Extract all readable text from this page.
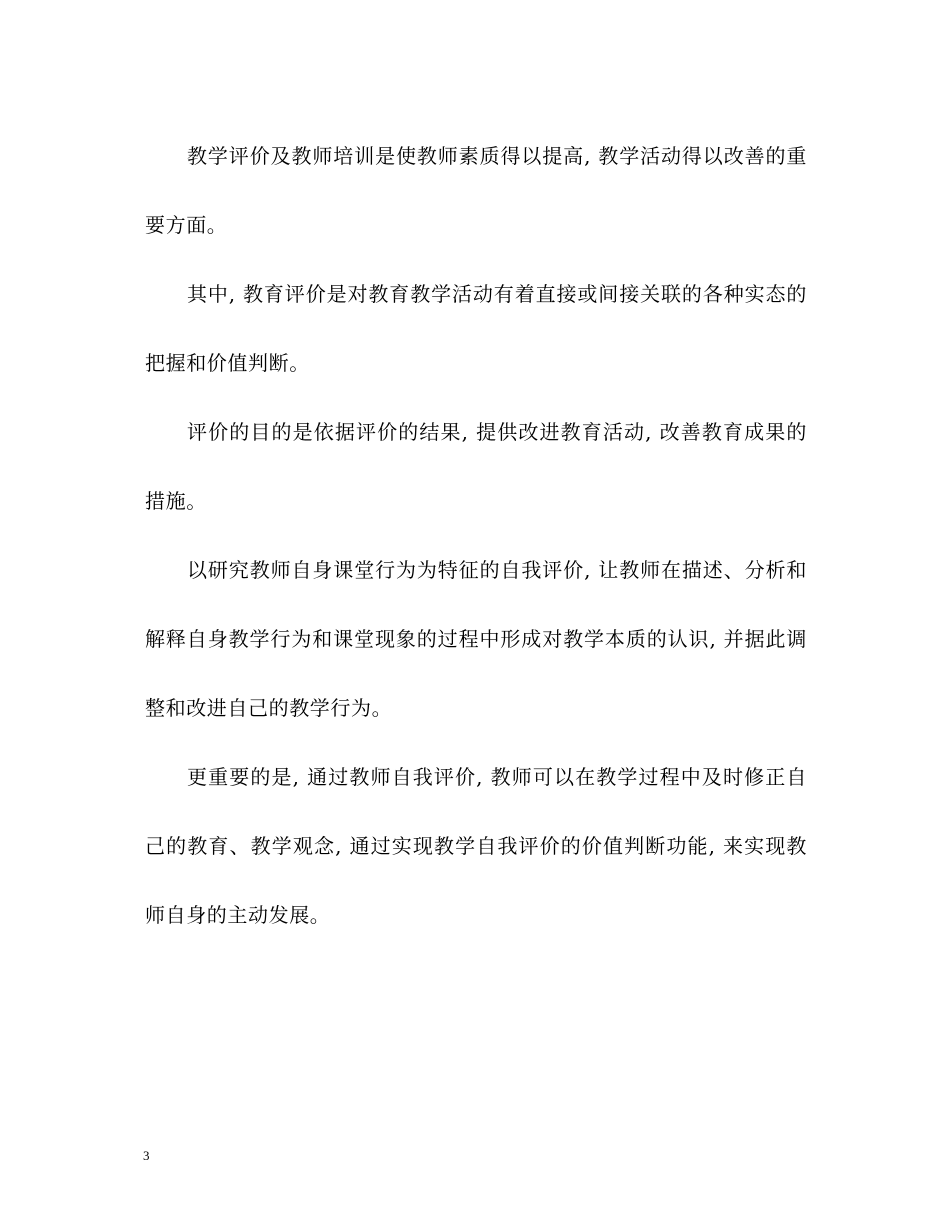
教学评价及教师培训是使教师素质得以提高, 教学活动得以改善的重要方面。

其中, 教育评价是对教育教学活动有着直接或间接关联的各种实态的把握和价值判断。

评价的目的是依据评价的结果, 提供改进教育活动, 改善教育成果的措施。

以研究教师自身课堂行为为特征的自我评价, 让教师在描述、分析和解释自身教学行为和课堂现象的过程中形成对教学本质的认识, 并据此调整和改进自己的教学行为。

更重要的是, 通过教师自我评价, 教师可以在教学过程中及时修正自己的教育、教学观念, 通过实现教学自我评价的价值判断功能, 来实现教师自身的主动发展。

3
